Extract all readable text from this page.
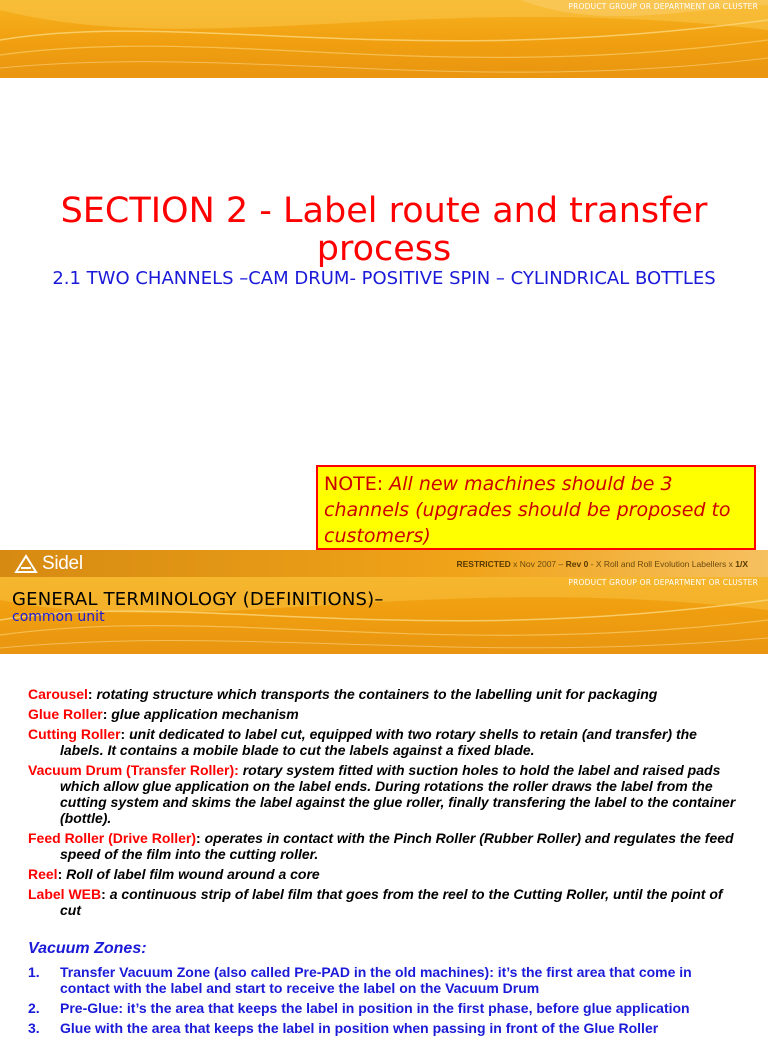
PRODUCT GROUP OR DEPARTMENT OR CLUSTER
SECTION 2 - Label route and transfer process
2.1 TWO CHANNELS –CAM DRUM- POSITIVE SPIN – CYLINDRICAL BOTTLES
NOTE: All new machines should be 3 channels (upgrades should be proposed to customers)
Sidel	RESTRICTED x Nov 2007 – Rev 0 - X Roll and Roll Evolution Labellers x 1/X
PRODUCT GROUP OR DEPARTMENT OR CLUSTER
GENERAL TERMINOLOGY (DEFINITIONS)–
common unit
Carousel: rotating structure which transports the containers to the labelling unit for packaging
Glue Roller: glue application mechanism
Cutting Roller: unit dedicated to label cut, equipped with two rotary shells to retain (and transfer) the labels. It contains a mobile blade to cut the labels against a fixed blade.
Vacuum Drum (Transfer Roller): rotary system fitted with suction holes to hold the label and raised pads which allow glue application on the label ends. During rotations the roller draws the label from the cutting system and skims the label against the glue roller, finally transfering the label to the container (bottle).
Feed Roller (Drive Roller): operates in contact with the Pinch Roller (Rubber Roller) and regulates the feed speed of the film into the cutting roller.
Reel: Roll of label film wound around a core
Label WEB: a continuous strip of label film that goes from the reel to the Cutting Roller, until the point of cut
Vacuum Zones:
1.	Transfer Vacuum Zone (also called Pre-PAD in the old machines): it’s the first area that come in contact with the label and start to receive the label on the Vacuum Drum
2.	Pre-Glue: it’s the area that keeps the label in position in the first phase, before glue application
3.	Glue with the area that keeps the label in position when passing in front of the Glue Roller
